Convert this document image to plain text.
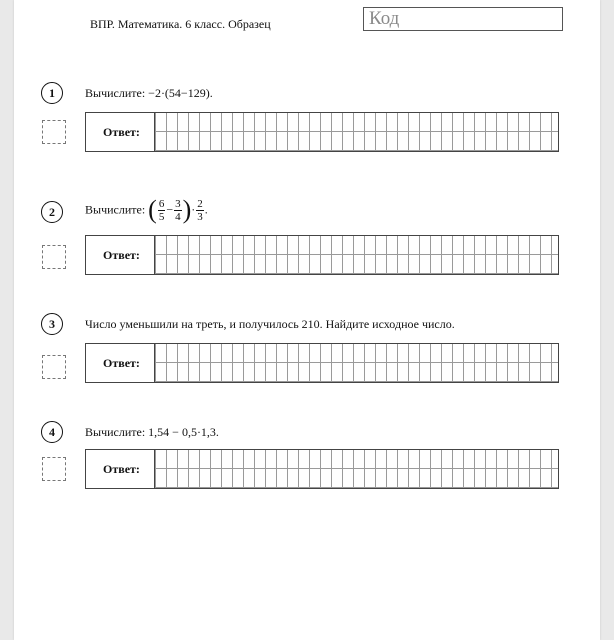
ВПР. Математика. 6 класс. Образец	Код
1	Вычислите: −2·(54−129).
Ответ:
2	Вычислите: ( $\frac{6}{5} - \frac{3}{4}$ )· $\frac{2}{3}$ .
Ответ:
3	Число уменьшили на треть, и получилось 210. Найдите исходное число.
Ответ:
4	Вычислите: 1,54 − 0,5·1,3.
Ответ:
